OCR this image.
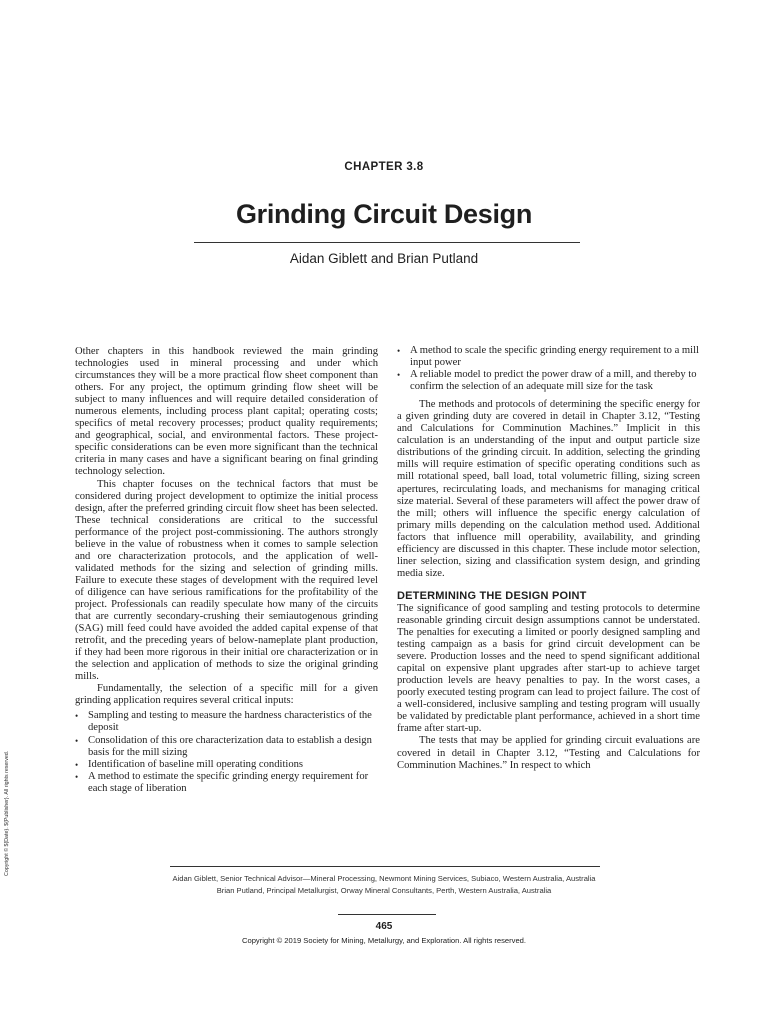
CHAPTER 3.8
Grinding Circuit Design
Aidan Giblett and Brian Putland

Other chapters in this handbook reviewed the main grinding technologies used in mineral processing and under which circumstances they will be a more practical flow sheet component than others. For any project, the optimum grinding flow sheet will be subject to many influences and will require detailed consideration of numerous elements, including process plant capital; operating costs; specifics of metal recovery processes; product quality requirements; and geographical, social, and environmental factors. These project-specific considerations can be even more significant than the technical criteria in many cases and have a significant bearing on final grinding technology selection.

This chapter focuses on the technical factors that must be considered during project development to optimize the initial process design, after the preferred grinding circuit flow sheet has been selected. These technical considerations are critical to the successful performance of the project post-commissioning. The authors strongly believe in the value of robustness when it comes to sample selection and ore characterization protocols, and the application of well-validated methods for the sizing and selection of grinding mills. Failure to execute these stages of development with the required level of diligence can have serious ramifications for the profitability of the project. Professionals can readily speculate how many of the circuits that are currently secondary-crushing their semiautogenous grinding (SAG) mill feed could have avoided the added capital expense of that retrofit, and the preceding years of below-nameplate plant production, if they had been more rigorous in their initial ore characterization or in the selection and application of methods to size the original grinding mills.

Fundamentally, the selection of a specific mill for a given grinding application requires several critical inputs:

• Sampling and testing to measure the hardness characteristics of the deposit
• Consolidation of this ore characterization data to establish a design basis for the mill sizing
• Identification of baseline mill operating conditions
• A method to estimate the specific grinding energy requirement for each stage of liberation
• A method to scale the specific grinding energy requirement to a mill input power
• A reliable model to predict the power draw of a mill, and thereby to confirm the selection of an adequate mill size for the task

The methods and protocols of determining the specific energy for a given grinding duty are covered in detail in Chapter 3.12, “Testing and Calculations for Comminution Machines.” Implicit in this calculation is an understanding of the input and output particle size distributions of the grinding circuit. In addition, selecting the grinding mills will require estimation of specific operating conditions such as mill rotational speed, ball load, total volumetric filling, sizing screen apertures, recirculating loads, and mechanisms for managing critical size material. Several of these parameters will affect the power draw of the mill; others will influence the specific energy calculation of primary mills depending on the calculation method used. Additional factors that influence mill operability, availability, and grinding efficiency are discussed in this chapter. These include motor selection, liner selection, sizing and classification system design, and grinding media size.

DETERMINING THE DESIGN POINT

The significance of good sampling and testing protocols to determine reasonable grinding circuit design assumptions cannot be understated. The penalties for executing a limited or poorly designed sampling and testing campaign as a basis for grind circuit development can be severe. Production losses and the need to spend significant additional capital on expensive plant upgrades after start-up to achieve target production levels are heavy penalties to pay. In the worst cases, a poorly executed testing program can lead to project failure. The cost of a well-considered, inclusive sampling and testing program will usually be validated by predictable plant performance, achieved in a short time frame after start-up.

The tests that may be applied for grinding circuit evaluations are covered in detail in Chapter 3.12, “Testing and Calculations for Comminution Machines.” In respect to which

Copyright © ${Date}. ${Publisher}. All rights reserved.
Aidan Giblett, Senior Technical Advisor—Mineral Processing, Newmont Mining Services, Subiaco, Western Australia, Australia
Brian Putland, Principal Metallurgist, Orway Mineral Consultants, Perth, Western Australia, Australia
465
Copyright © 2019 Society for Mining, Metallurgy, and Exploration. All rights reserved.
